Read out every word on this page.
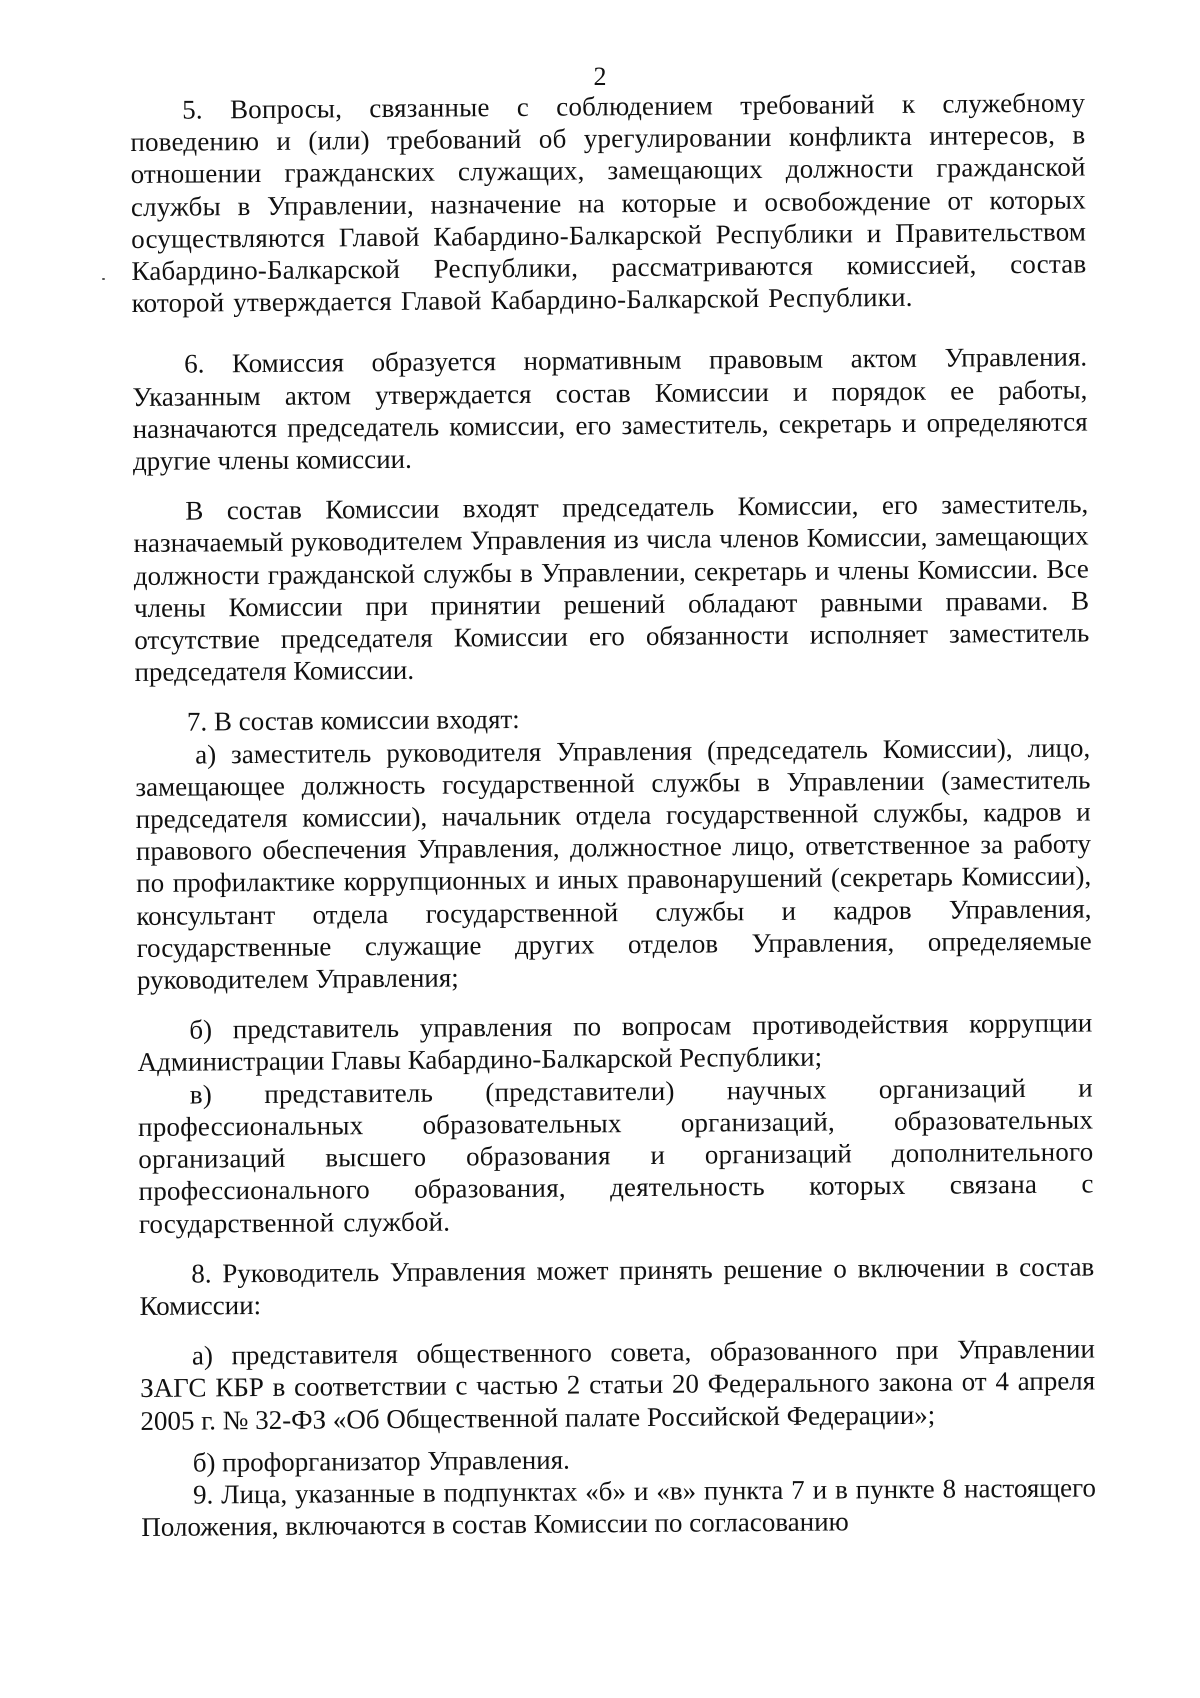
2

5. Вопросы, связанные с соблюдением требований к служебному поведению и (или) требований об урегулировании конфликта интересов, в отношении гражданских служащих, замещающих должности гражданской службы в Управлении, назначение на которые и освобождение от которых осуществляются Главой Кабардино-Балкарской Республики и Правительством Кабардино-Балкарской Республики, рассматриваются комиссией, состав которой утверждается Главой Кабардино-Балкарской Республики.

6. Комиссия образуется нормативным правовым актом Управления. Указанным актом утверждается состав Комиссии и порядок ее работы, назначаются председатель комиссии, его заместитель, секретарь и определяются другие члены комиссии.

В состав Комиссии входят председатель Комиссии, его заместитель, назначаемый руководителем Управления из числа членов Комиссии, замещающих должности гражданской службы в Управлении, секретарь и члены Комиссии. Все члены Комиссии при принятии решений обладают равными правами. В отсутствие председателя Комиссии его обязанности исполняет заместитель председателя Комиссии.

7. В состав комиссии входят:

а) заместитель руководителя Управления (председатель Комиссии), лицо, замещающее должность государственной службы в Управлении (заместитель председателя комиссии), начальник отдела государственной службы, кадров и правового обеспечения Управления, должностное лицо, ответственное за работу по профилактике коррупционных и иных правонарушений (секретарь Комиссии), консультант отдела государственной службы и кадров Управления, государственные служащие других отделов Управления, определяемые руководителем Управления;

б) представитель управления по вопросам противодействия коррупции Администрации Главы Кабардино-Балкарской Республики;

в) представитель (представители) научных организаций и профессиональных образовательных организаций, образовательных организаций высшего образования и организаций дополнительного профессионального образования, деятельность которых связана с государственной службой.

8. Руководитель Управления может принять решение о включении в состав Комиссии:

а) представителя общественного совета, образованного при Управлении ЗАГС КБР в соответствии с частью 2 статьи 20 Федерального закона от 4 апреля 2005 г. № 32-ФЗ «Об Общественной палате Российской Федерации»;

б) профорганизатор Управления.

9. Лица, указанные в подпунктах «б» и «в» пункта 7 и в пункте 8 настоящего Положения, включаются в состав Комиссии по согласованию
